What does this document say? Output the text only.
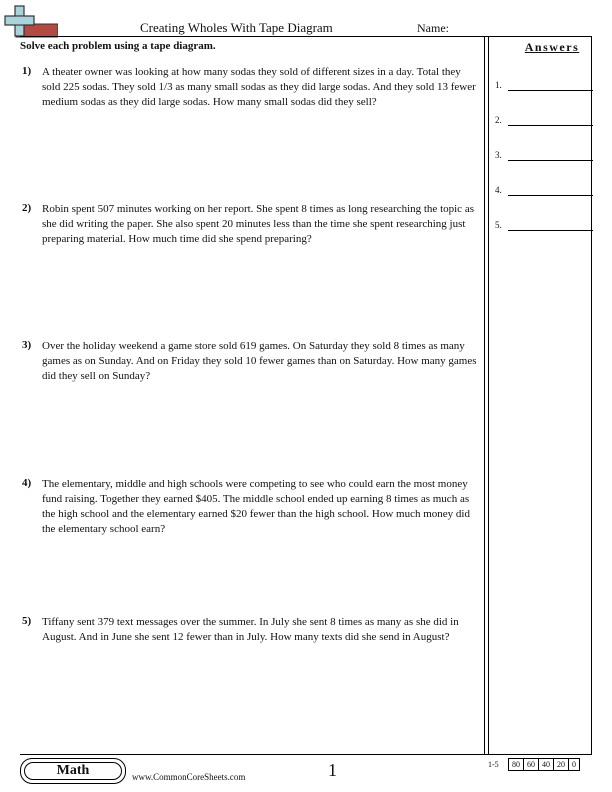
Creating Wholes With Tape Diagram	Name:
Solve each problem using a tape diagram.	Answers
1.
2.
3.
4.
5.
1) A theater owner was looking at how many sodas they sold of different sizes in a day. Total they sold 225 sodas. They sold 1/3 as many small sodas as they did large sodas. And they sold 13 fewer medium sodas as they did large sodas. How many small sodas did they sell?
2) Robin spent 507 minutes working on her report. She spent 8 times as long researching the topic as she did writing the paper. She also spent 20 minutes less than the time she spent researching just preparing material. How much time did she spend preparing?
3) Over the holiday weekend a game store sold 619 games. On Saturday they sold 8 times as many games as on Sunday. And on Friday they sold 10 fewer games than on Saturday. How many games did they sell on Sunday?
4) The elementary, middle and high schools were competing to see who could earn the most money fund raising. Together they earned $405. The middle school ended up earning 8 times as much as the high school and the elementary earned $20 fewer than the high school. How much money did the elementary school earn?
5) Tiffany sent 379 text messages over the summer. In July she sent 8 times as many as she did in August. And in June she sent 12 fewer than in July. How many texts did she send in August?
Math	www.CommonCoreSheets.com	1	1-5	80 60 40 20 0
